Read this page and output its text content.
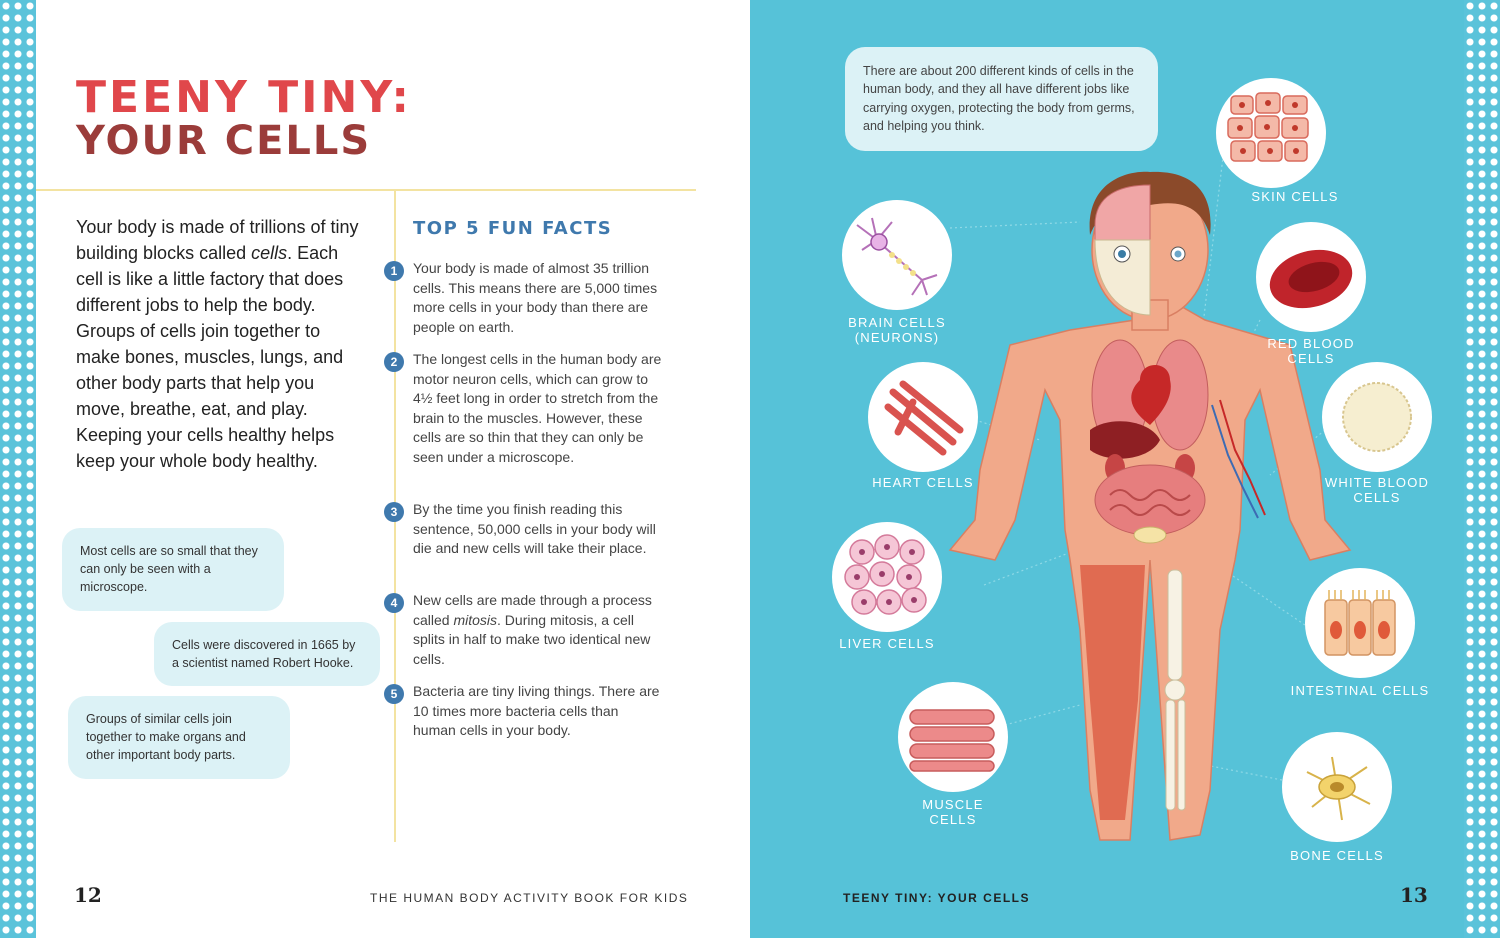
TEENY TINY:
YOUR CELLS

Your body is made of trillions of tiny building blocks called cells. Each cell is like a little factory that does different jobs to help the body. Groups of cells join together to make bones, muscles, lungs, and other body parts that help you move, breathe, eat, and play. Keeping your cells healthy helps keep your whole body healthy.

Most cells are so small that they can only be seen with a microscope.
Cells were discovered in 1665 by a scientist named Robert Hooke.
Groups of similar cells join together to make organs and other important body parts.
TOP 5 FUN FACTS
1	Your body is made of almost 35 trillion cells. This means there are 5,000 times more cells in your body than there are people on earth.
2	The longest cells in the human body are motor neuron cells, which can grow to 4½ feet long in order to stretch from the brain to the muscles. However, these cells are so thin that they can only be seen under a microscope.
3	By the time you finish reading this sentence, 50,000 cells in your body will die and new cells will take their place.
4	New cells are made through a process called mitosis. During mitosis, a cell splits in half to make two identical new cells.
5	Bacteria are tiny living things. There are 10 times more bacteria cells than human cells in your body.
12	THE HUMAN BODY ACTIVITY BOOK FOR KIDS
There are about 200 different kinds of cells in the human body, and they all have different jobs like carrying oxygen, protecting the body from germs, and helping you think.
SKIN CELLS
BRAIN CELLS
(NEURONS)	RED BLOOD
CELLS
HEART CELLS	WHITE BLOOD
CELLS
LIVER CELLS
INTESTINAL CELLS
MUSCLE CELLS
BONE CELLS
TEENY TINY: YOUR CELLS	13
